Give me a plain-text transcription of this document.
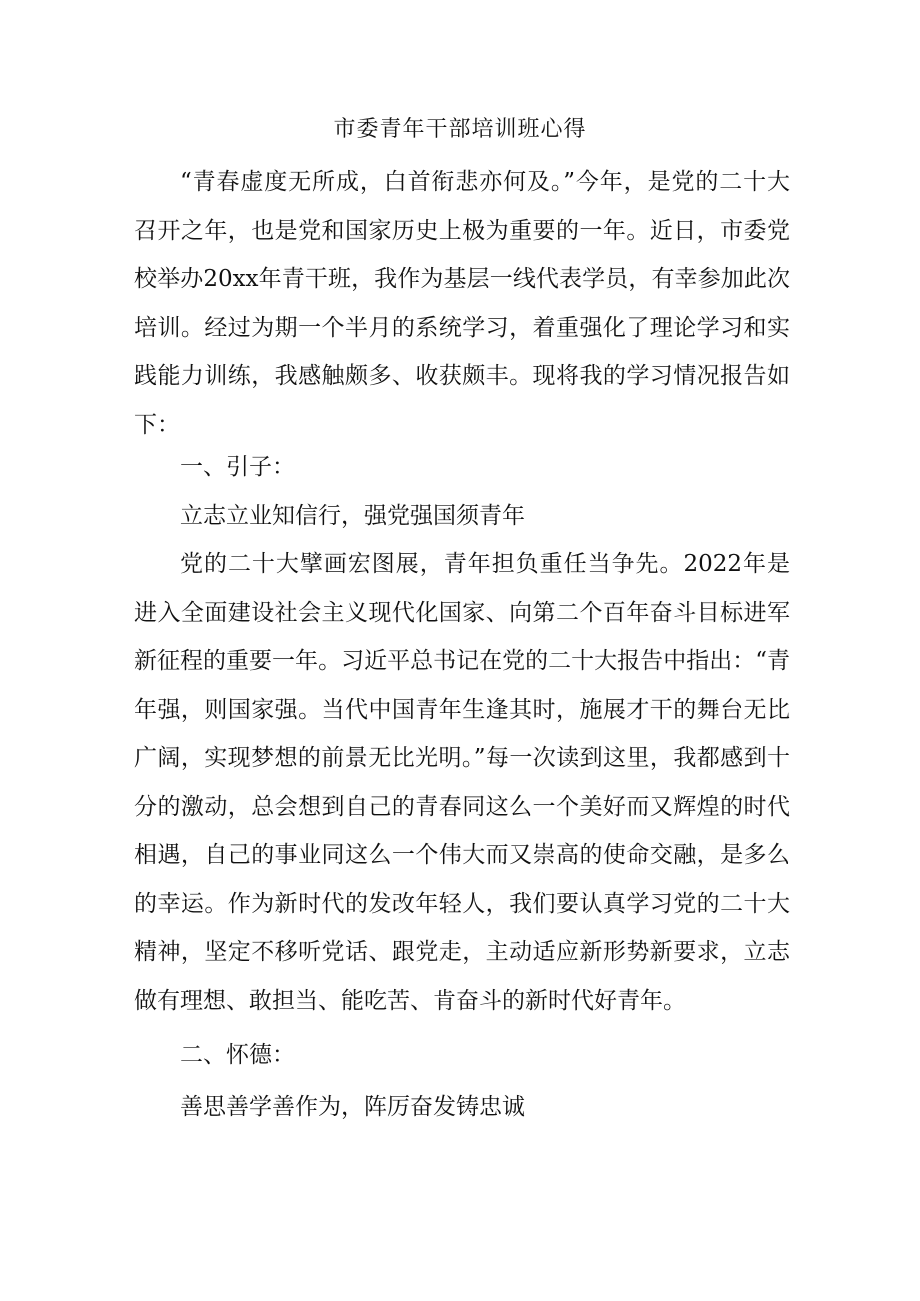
市委青年干部培训班心得

“青春虚度无所成，白首衔悲亦何及。”今年，是党的二十大召开之年，也是党和国家历史上极为重要的一年。近日，市委党校举办20xx年青干班，我作为基层一线代表学员，有幸参加此次培训。经过为期一个半月的系统学习，着重强化了理论学习和实践能力训练，我感触颇多、收获颇丰。现将我的学习情况报告如下：

一、引子：

立志立业知信行，强党强国须青年

党的二十大擘画宏图展，青年担负重任当争先。2022年是进入全面建设社会主义现代化国家、向第二个百年奋斗目标进军新征程的重要一年。习近平总书记在党的二十大报告中指出：“青年强，则国家强。当代中国青年生逢其时，施展才干的舞台无比广阔，实现梦想的前景无比光明。”每一次读到这里，我都感到十分的激动，总会想到自己的青春同这么一个美好而又辉煌的时代相遇，自己的事业同这么一个伟大而又崇高的使命交融，是多么的幸运。作为新时代的发改年轻人，我们要认真学习党的二十大精神，坚定不移听党话、跟党走，主动适应新形势新要求，立志做有理想、敢担当、能吃苦、肯奋斗的新时代好青年。

二、怀德：

善思善学善作为，阵厉奋发铸忠诚
